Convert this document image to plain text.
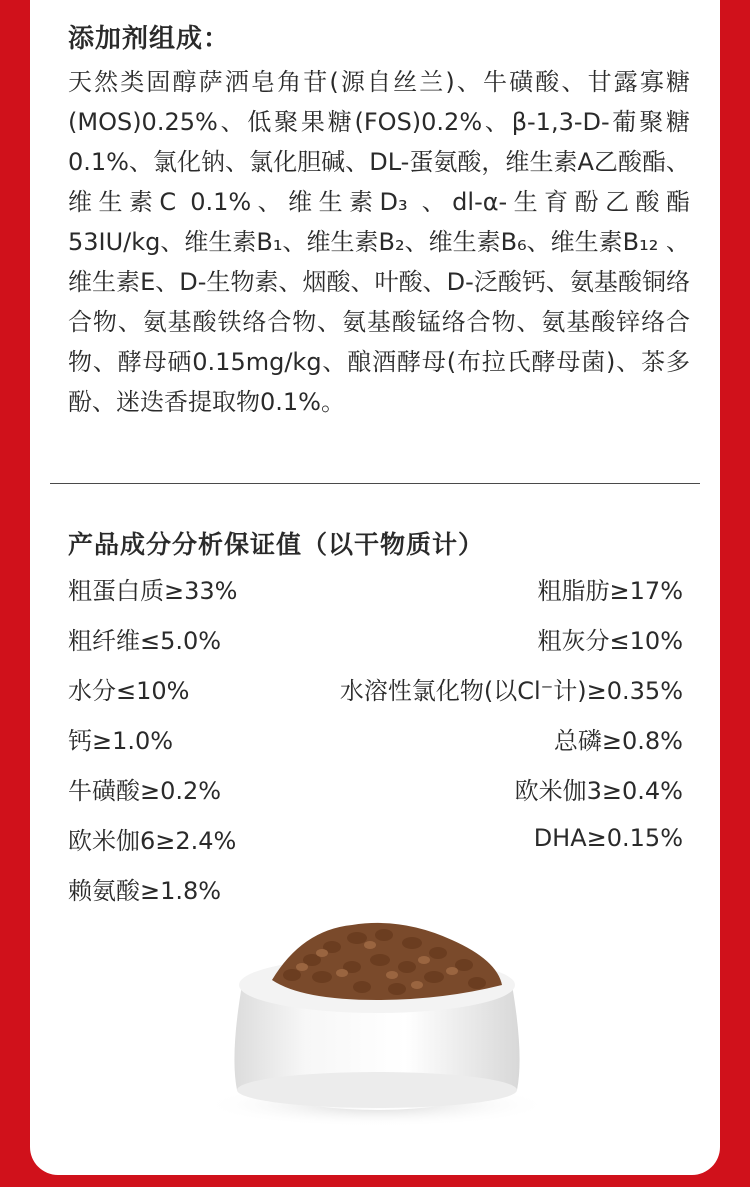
添加剂组成：
天然类固醇萨洒皂角苷(源自丝兰)、牛磺酸、甘露寡糖(MOS)0.25%、低聚果糖(FOS)0.2%、β-1,3-D-葡聚糖0.1%、氯化钠、氯化胆碱、DL-蛋氨酸，维生素A乙酸酯、维生素C 0.1%、维生素D₃ 、dl-α-生育酚乙酸酯53IU/kg、维生素B₁、维生素B₂、维生素B₆、维生素B₁₂ 、维生素E、D-生物素、烟酸、叶酸、D-泛酸钙、氨基酸铜络合物、氨基酸铁络合物、氨基酸锰络合物、氨基酸锌络合物、酵母硒0.15mg/kg、酿酒酵母(布拉氏酵母菌)、茶多酚、迷迭香提取物0.1%。
产品成分分析保证值（以干物质计）
粗蛋白质≥33%	粗脂肪≥17%
粗纤维≤5.0%	粗灰分≤10%
水分≤10%	水溶性氯化物(以Cl⁻计)≥0.35%
钙≥1.0%	总磷≥0.8%
牛磺酸≥0.2%	欧米伽3≥0.4%
欧米伽6≥2.4%	DHA≥0.15%
赖氨酸≥1.8%
